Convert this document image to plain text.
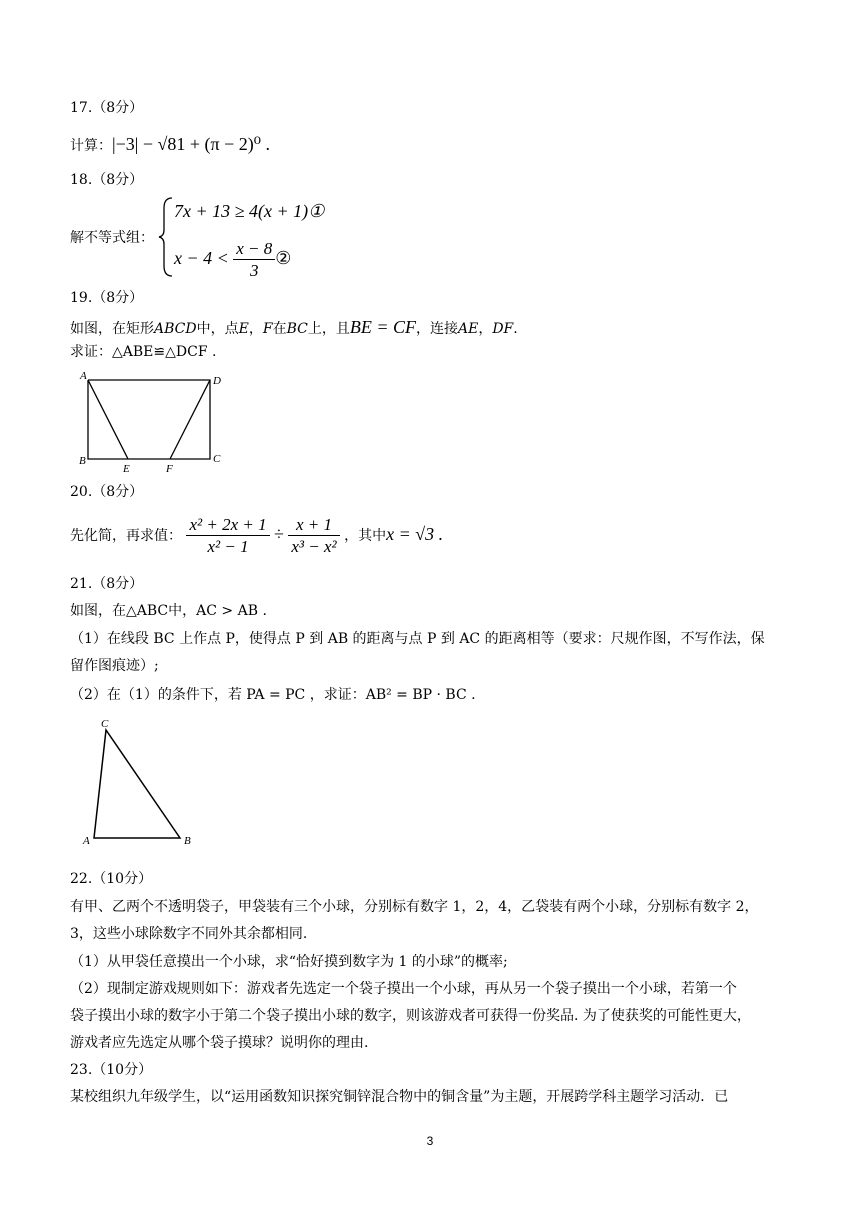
17.（8分）
计算：|−3| − √81 + (π − 2)⁰ .
18.（8分）
解不等式组：
7x + 13 ≥ 4(x + 1)①
$x - 4 < \frac{x - 8}{3}$ ②
19.（8分）
如图，在矩形ABCD中，点E，F在BC上，且BE = CF，连接AE，DF.
求证：△ABE≌△DCF .
A	D
B	C
E	F
20.（8分）
先化简，再求值： $\frac{\text{x² + 2x + 1}}{\text{x² − 1}} \div \frac{x + 1}{\text{x³ − x²}}$ ，其中x = √3 .
21.（8分）
如图，在△ABC中，AC > AB .
（1）在线段 BC 上作点 P，使得点 P 到 AB 的距离与点 P 到 AC 的距离相等（要求：尺规作图，不写作法，保
留作图痕迹）;
（2）在（1）的条件下，若 PA = PC ，求证：AB² = BP · BC .
C
A	B
22.（10分）
有甲、乙两个不透明袋子，甲袋装有三个小球，分别标有数字 1，2，4，乙袋装有两个小球，分别标有数字 2，
3，这些小球除数字不同外其余都相同.
（1）从甲袋任意摸出一个小球，求“恰好摸到数字为 1 的小球”的概率;
（2）现制定游戏规则如下：游戏者先选定一个袋子摸出一个小球，再从另一个袋子摸出一个小球，若第一个
袋子摸出小球的数字小于第二个袋子摸出小球的数字，则该游戏者可获得一份奖品. 为了使获奖的可能性更大，
游戏者应先选定从哪个袋子摸球？说明你的理由.
23.（10分）
某校组织九年级学生，以“运用函数知识探究铜锌混合物中的铜含量”为主题，开展跨学科主题学习活动．已
3
